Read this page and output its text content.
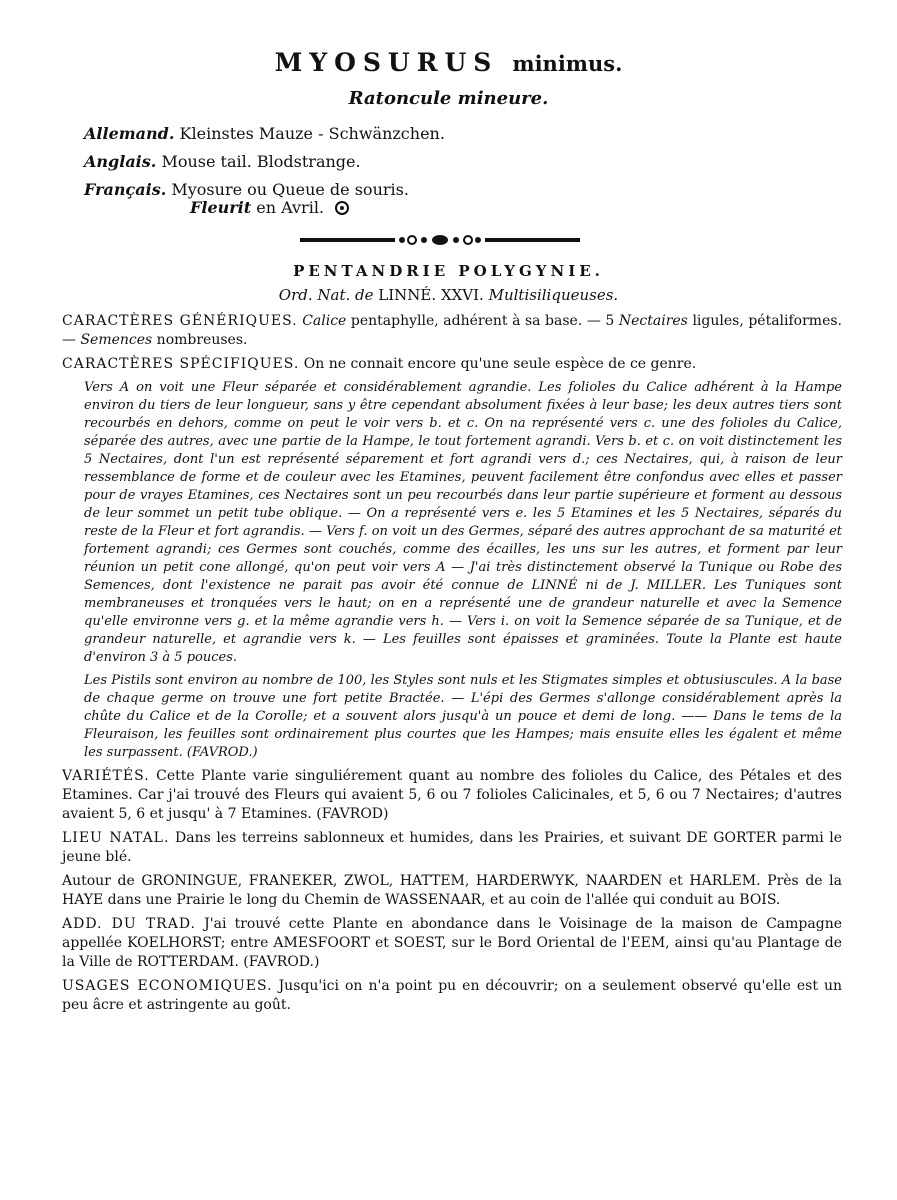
MYOSURUS minimus.
Ratoncule mineure.
Allemand. Kleinstes Mauze - Schwänzchen.
Anglais. Mouse tail. Blodstrange.
Français. Myosure ou Queue de souris.
Fleurit en Avril.
PENTANDRIE POLYGYNIE.
Ord. Nat. de LINNÉ. XXVI. Multisiliqueuses.

CARACTÈRES GÉNÉRIQUES. Calice pentaphylle, adhérent à sa base. — 5 Nectaires ligules, pétaliformes. — Semences nombreuses.

CARACTÈRES SPÉCIFIQUES. On ne connait encore qu'une seule espèce de ce genre.

Vers A on voit une Fleur séparée et considérablement agrandie. Les folioles du Calice adhérent à la Hampe environ du tiers de leur longueur, sans y être cependant absolument fixées à leur base; les deux autres tiers sont recourbés en dehors, comme on peut le voir vers b. et c. On na représenté vers c. une des folioles du Calice, séparée des autres, avec une partie de la Hampe, le tout fortement agrandi. Vers b. et c. on voit distinctement les 5 Nectaires, dont l'un est représenté séparement et fort agrandi vers d.; ces Nectaires, qui, à raison de leur ressemblance de forme et de couleur avec les Etamines, peuvent facilement être confondus avec elles et passer pour de vrayes Etamines, ces Nectaires sont un peu recourbés dans leur partie supérieure et forment au dessous de leur sommet un petit tube oblique. — On a représenté vers e. les 5 Etamines et les 5 Nectaires, séparés du reste de la Fleur et fort agrandis. — Vers f. on voit un des Germes, séparé des autres approchant de sa maturité et fortement agrandi; ces Germes sont couchés, comme des écailles, les uns sur les autres, et forment par leur réunion un petit cone allongé, qu'on peut voir vers A — J'ai très distinctement observé la Tunique ou Robe des Semences, dont l'existence ne parait pas avoir été connue de LINNÉ ni de J. MILLER. Les Tuniques sont membraneuses et tronquées vers le haut; on en a représenté une de grandeur naturelle et avec la Semence qu'elle environne vers g. et la même agrandie vers h. — Vers i. on voit la Semence séparée de sa Tunique, et de grandeur naturelle, et agrandie vers k. — Les feuilles sont épaisses et graminées. Toute la Plante est haute d'environ 3 à 5 pouces.

Les Pistils sont environ au nombre de 100, les Styles sont nuls et les Stigmates simples et obtusiuscules. A la base de chaque germe on trouve une fort petite Bractée. — L'épi des Germes s'allonge considérablement après la chûte du Calice et de la Corolle; et a souvent alors jusqu'à un pouce et demi de long. —— Dans le tems de la Fleuraison, les feuilles sont ordinairement plus courtes que les Hampes; mais ensuite elles les égalent et même les surpassent. (FAVROD.)

VARIÉTÉS. Cette Plante varie singuliérement quant au nombre des folioles du Calice, des Pétales et des Etamines. Car j'ai trouvé des Fleurs qui avaient 5, 6 ou 7 folioles Calicinales, et 5, 6 ou 7 Nectaires; d'autres avaient 5, 6 et jusqu' à 7 Etamines. (FAVROD)

LIEU NATAL. Dans les terreins sablonneux et humides, dans les Prairies, et suivant DE GORTER parmi le jeune blé.

Autour de GRONINGUE, FRANEKER, ZWOL, HATTEM, HARDERWYK, NAARDEN et HARLEM. Près de la HAYE dans une Prairie le long du Chemin de WASSENAAR, et au coin de l'allée qui conduit au BOIS.

ADD. DU TRAD. J'ai trouvé cette Plante en abondance dans le Voisinage de la maison de Campagne appellée KOELHORST; entre AMESFOORT et SOEST, sur le Bord Oriental de l'EEM, ainsi qu'au Plantage de la Ville de ROTTERDAM. (FAVROD.)

USAGES ECONOMIQUES. Jusqu'ici on n'a point pu en découvrir; on a seulement observé qu'elle est un peu âcre et astringente au goût.
